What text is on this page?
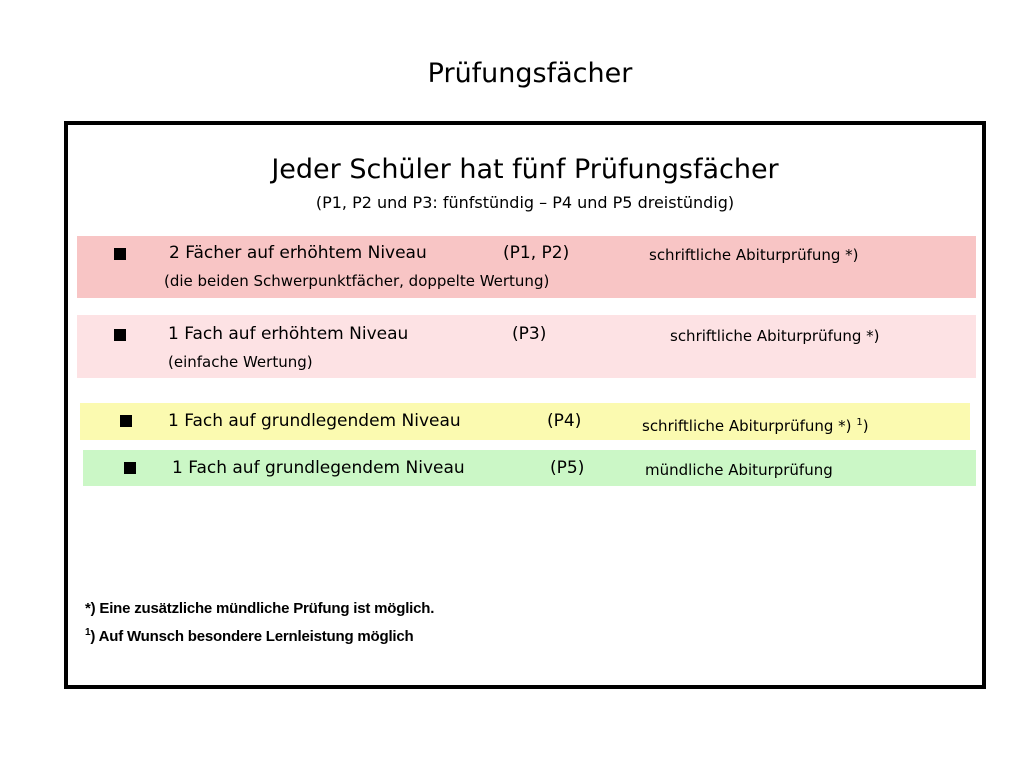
Prüfungsfächer
Jeder Schüler hat fünf Prüfungsfächer
(P1, P2 und P3: fünfstündig – P4 und P5 dreistündig)
2 Fächer auf erhöhtem Niveau	(P1, P2)	schriftliche Abiturprüfung *)
(die beiden Schwerpunktfächer, doppelte Wertung)
1 Fach auf erhöhtem Niveau	(P3)	schriftliche Abiturprüfung *)
(einfache Wertung)
1 Fach auf grundlegendem Niveau	(P4)	schriftliche Abiturprüfung *) $^1$)
1 Fach auf grundlegendem Niveau	(P5)	mündliche Abiturprüfung
*) Eine zusätzliche mündliche Prüfung ist möglich.
$^1$) Auf Wunsch besondere Lernleistung möglich
